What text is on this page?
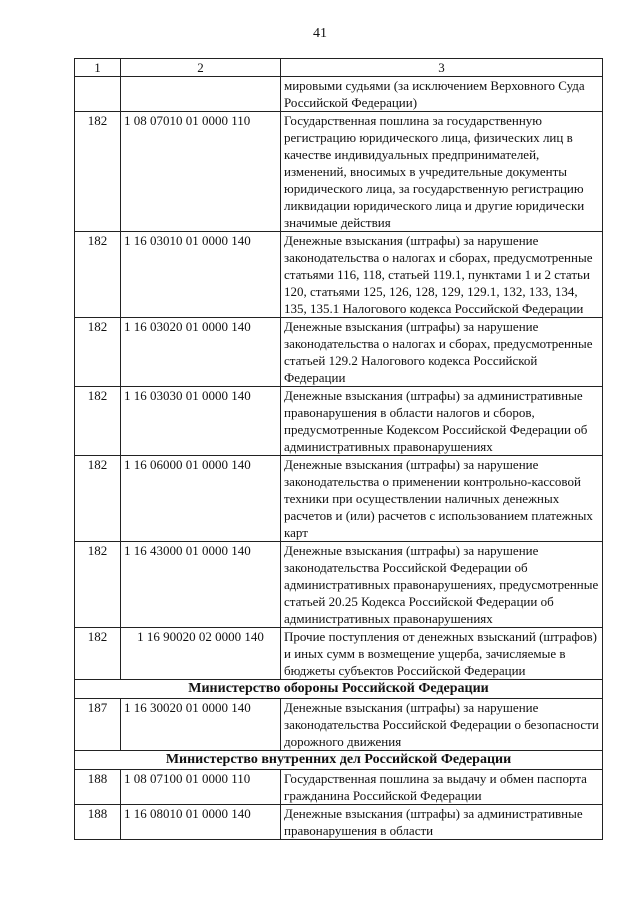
41
1	2	3
		мировыми судьями (за исключением Верховного Суда Российской Федерации)
182	1 08 07010 01 0000 110	Государственная пошлина за государственную регистрацию юридического лица, физических лиц в качестве индивидуальных предпринимателей, изменений, вносимых в учредительные документы юридического лица, за государственную регистрацию ликвидации юридического лица и другие юридически значимые действия
182	1 16 03010 01 0000 140	Денежные взыскания (штрафы) за нарушение законодательства о налогах и сборах, предусмотренные статьями 116, 118, статьей 119.1, пунктами 1 и 2 статьи 120, статьями 125, 126, 128, 129, 129.1, 132, 133, 134, 135, 135.1 Налогового кодекса Российской Федерации
182	1 16 03020 01 0000 140	Денежные взыскания (штрафы) за нарушение законодательства о налогах и сборах, предусмотренные статьей 129.2 Налогового кодекса Российской Федерации
182	1 16 03030 01 0000 140	Денежные взыскания (штрафы) за административные правонарушения в области налогов и сборов, предусмотренные Кодексом Российской Федерации об административных правонарушениях
182	1 16 06000 01 0000 140	Денежные взыскания (штрафы) за нарушение законодательства о применении контрольно-кассовой техники при осуществлении наличных денежных расчетов и (или) расчетов с использованием платежных карт
182	1 16 43000 01 0000 140	Денежные взыскания (штрафы) за нарушение законодательства Российской Федерации об административных правонарушениях, предусмотренные статьей 20.25 Кодекса Российской Федерации об административных правонарушениях
182	1 16 90020 02 0000 140	Прочие поступления от денежных взысканий (штрафов) и иных сумм в возмещение ущерба, зачисляемые в бюджеты субъектов Российской Федерации
Министерство обороны Российской Федерации		
187	1 16 30020 01 0000 140	Денежные взыскания (штрафы) за нарушение законодательства Российской Федерации о безопасности дорожного движения
Министерство внутренних дел Российской Федерации		
188	1 08 07100 01 0000 110	Государственная пошлина за выдачу и обмен паспорта гражданина Российской Федерации
188	1 16 08010 01 0000 140	Денежные взыскания (штрафы) за административные правонарушения в области
